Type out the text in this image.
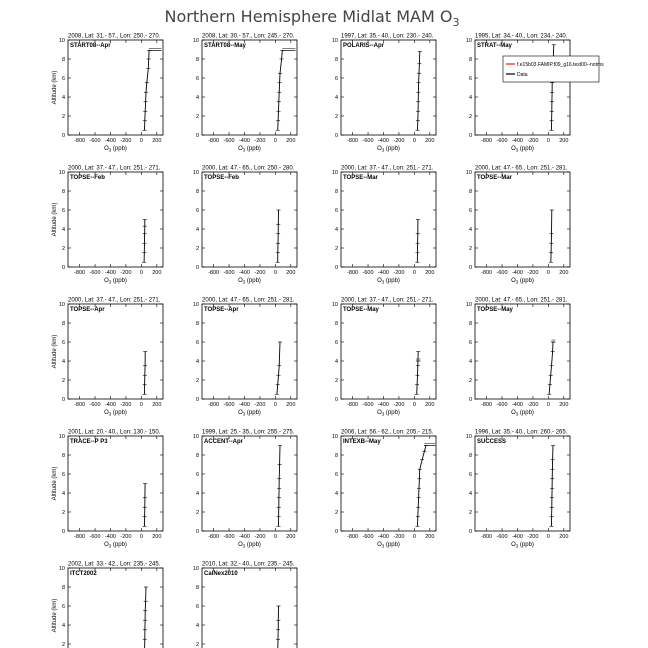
Northern Hemisphere Midlat MAM $O_3$
2008, Lat: 31.- 57., Lon: 250.- 270.
START08--Apr
-800 -600 -400 -200 0 200
0
2
4
6
8
10
$O_3$ (ppb)
Altitude (km)
2008, Lat: 30.- 57., Lon: 245.- 270.
START08--May
-800 -600 -400 -200 0 200
0
2
4
6
8
10
$O_3$ (ppb)
1997, Lat: 35.- 40., Lon: 230.- 240.
POLARIS--Apr
-800 -600 -400 -200 0 200
0
2
4
6
8
10
$O_3$ (ppb)
1995, Lat: 34.- 40., Lon: 234.- 240.
STRAT--May
-800 -600 -400 -200 0 200
0
2
4
6
8
10
$O_3$ (ppb)
f.e15b03.FAMIP.f09_g16.test00--notms
Data
2000, Lat: 37.- 47., Lon: 251.- 271.
TOPSE--Feb
-800 -600 -400 -200 0 200
0
2
4
6
8
10
$O_3$ (ppb)
Altitude (km)
2000, Lat: 47.- 65., Lon: 250.- 280.
TOPSE--Feb
-800 -600 -400 -200 0 200
0
2
4
6
8
10
$O_3$ (ppb)
2000, Lat: 37.- 47., Lon: 251.- 271.
TOPSE--Mar
-800 -600 -400 -200 0 200
0
2
4
6
8
10
$O_3$ (ppb)
2000, Lat: 47.- 65., Lon: 251.- 281.
TOPSE--Mar
-800 -600 -400 -200 0 200
0
2
4
6
8
10
$O_3$ (ppb)
2000, Lat: 37.- 47., Lon: 251.- 271.
TOPSE--Apr
-800 -600 -400 -200 0 200
0
2
4
6
8
10
$O_3$ (ppb)
Altitude (km)
2000, Lat: 47.- 65., Lon: 251.- 281.
TOPSE--Apr
-800 -600 -400 -200 0 200
0
2
4
6
8
10
$O_3$ (ppb)
2000, Lat: 37.- 47., Lon: 251.- 271.
TOPSE--May
-800 -600 -400 -200 0 200
0
2
4
6
8
10
$O_3$ (ppb)
2000, Lat: 47.- 65., Lon: 251.- 281.
TOPSE--May
-800 -600 -400 -200 0 200
0
2
4
6
8
10
$O_3$ (ppb)
2001, Lat: 20.- 40., Lon: 130.- 150.
TRACE--P P3
-800 -600 -400 -200 0 200
0
2
4
6
8
10
$O_3$ (ppb)
Altitude (km)
1999, Lat: 25.- 35., Lon: 255.- 275.
ACCENT--Apr
-800 -600 -400 -200 0 200
0
2
4
6
8
10
$O_3$ (ppb)
2006, Lat: 56.- 62., Lon: 205.- 215.
INTEXB--May
-800 -600 -400 -200 0 200
0
2
4
6
8
10
$O_3$ (ppb)
1996, Lat: 35.- 40., Lon: 260.- 265.
SUCCESS
-800 -600 -400 -200 0 200
0
2
4
6
8
10
$O_3$ (ppb)
2002, Lat: 33.- 42., Lon: 235.- 245.
ITCT2002
2
4
6
8
10
Altitude (km)
2010, Lat: 32.- 40., Lon: 235.- 245.
CalNex2010
2
4
6
8
10
